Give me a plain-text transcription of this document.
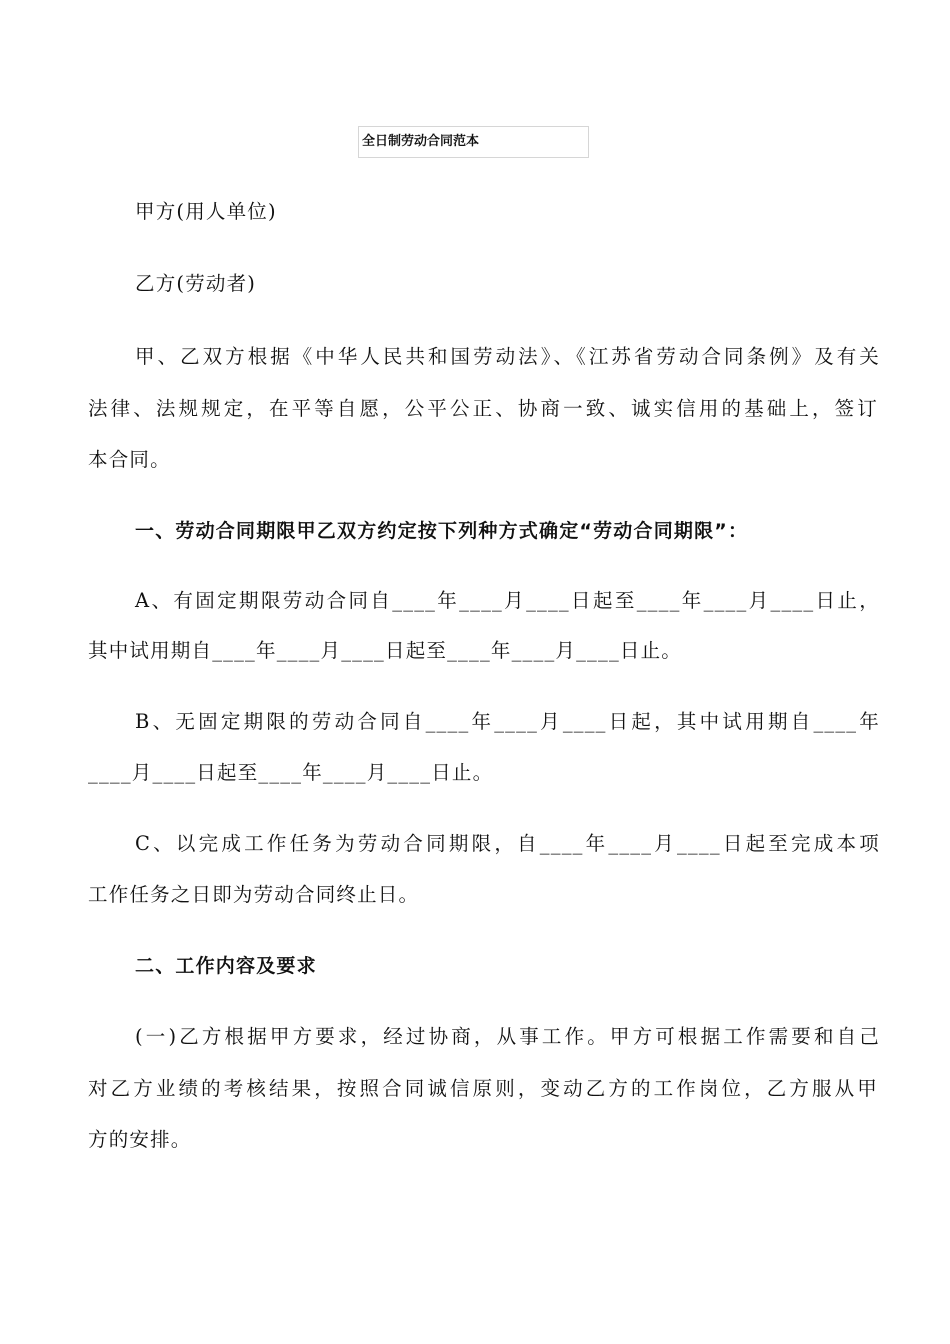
全日制劳动合同范本
甲方(用人单位)
乙方(劳动者)
甲、乙双方根据《中华人民共和国劳动法》、《江苏省劳动合同条例》及有关
法律、法规规定，在平等自愿，公平公正、协商一致、诚实信用的基础上，签订
本合同。
一、劳动合同期限甲乙双方约定按下列种方式确定“劳动合同期限”：
A、有固定期限劳动合同自____年____月____日起至____年____月____日止，
其中试用期自____年____月____日起至____年____月____日止。
B、无固定期限的劳动合同自____年____月____日起，其中试用期自____年
____月____日起至____年____月____日止。
C、以完成工作任务为劳动合同期限，自____年____月____日起至完成本项
工作任务之日即为劳动合同终止日。
二、工作内容及要求
(一)乙方根据甲方要求，经过协商，从事工作。甲方可根据工作需要和自己
对乙方业绩的考核结果，按照合同诚信原则，变动乙方的工作岗位，乙方服从甲
方的安排。
